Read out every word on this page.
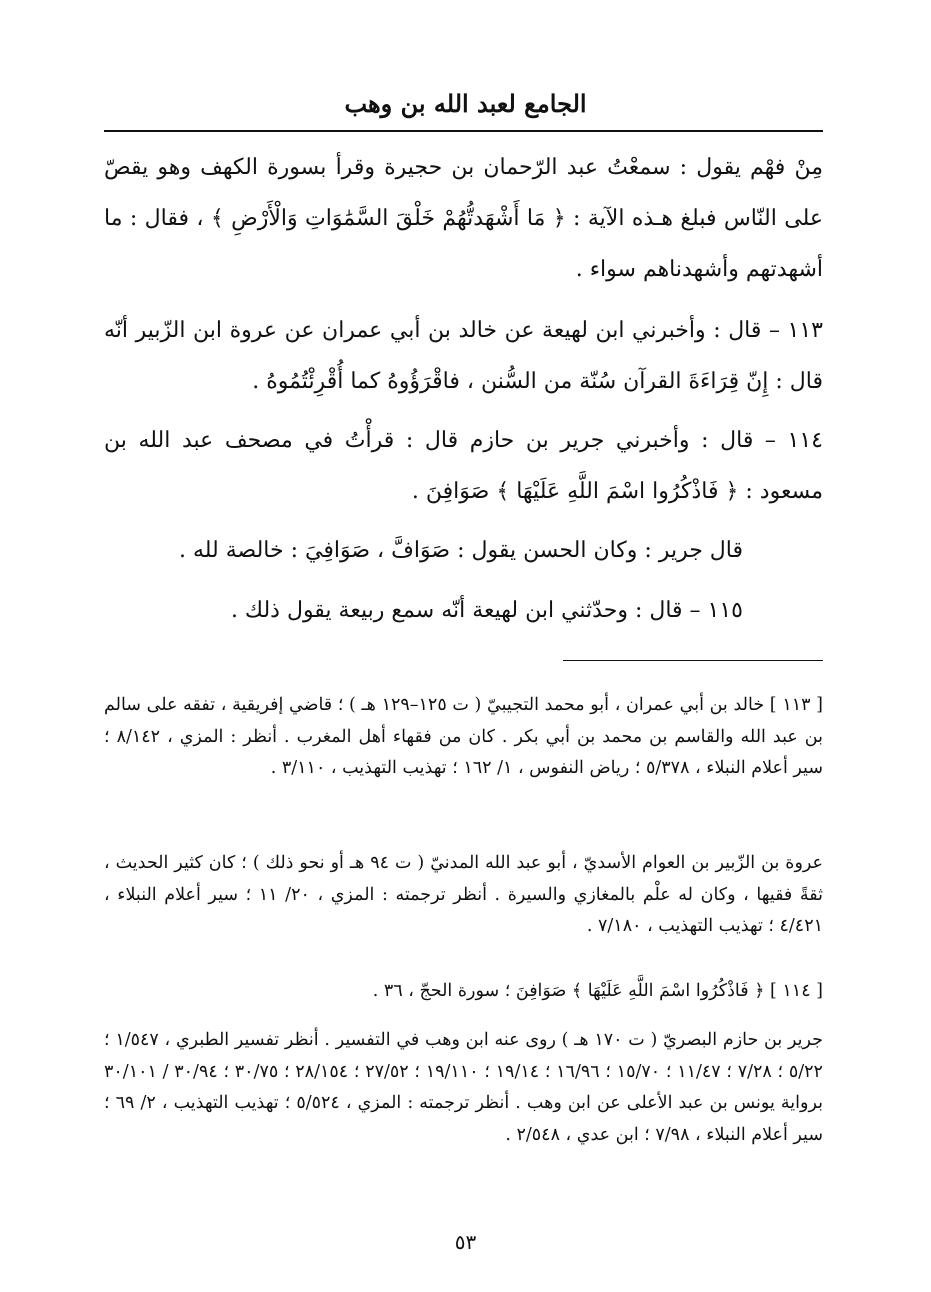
الجامع لعبد الله بن وهب

مِنْ فهْم يقول : سمعْتُ عبد الرّحمان بن حجيرة وقرأ بسورة الكهف وهو يقصّ على النّاس فبلغ هـذه الآية : ﴿ مَا أَشْهَدتُّهُمْ خَلْقَ السَّمَٰوَاتِ وَالْأَرْضِ ﴾ ، فقال : ما أشهدتهم وأشهدناهم سواء .

١١٣ – قال : وأخبرني ابن لهيعة عن خالد بن أبي عمران عن عروة ابن الزّبير أنّه قال : إِنّ قِرَاءَةَ القرآن سُنّة من السُّنن ، فاقْرَؤُوهُ كما أُقْرِئْتُمُوهُ .

١١٤ – قال : وأخبرني جرير بن حازم قال : قرأْتُ في مصحف عبد الله بن مسعود : ﴿ فَاذْكُرُوا اسْمَ اللَّهِ عَلَيْهَا ﴾ صَوَافِنَ .

قال جرير : وكان الحسن يقول : صَوَافَّ ، صَوَافِيَ : خالصة لله .

١١٥ – قال : وحدّثني ابن لهيعة أنّه سمع ربيعة يقول ذلك .

[ ١١٣ ] خالد بن أبي عمران ، أبو محمد التجيبيّ ( ت ١٢٥–١٢٩ هـ ) ؛ قاضي إفريقية ، تفقه على سالم بن عبد الله والقاسم بن محمد بن أبي بكر . كان من فقهاء أهل المغرب . أنظر : المزي ، ٨/١٤٢ ؛ سير أعلام النبلاء ، ٥/٣٧٨ ؛ رياض النفوس ، ١/ ١٦٢ ؛ تهذيب التهذيب ، ٣/١١٠ .

عروة بن الزّبير بن العوام الأسديّ ، أبو عبد الله المدنيّ ( ت ٩٤ هـ أو نحو ذلك ) ؛ كان كثير الحديث ، ثقةً فقيها ، وكان له علْم بالمغازي والسيرة . أنظر ترجمته : المزي ، ٢٠/ ١١ ؛ سير أعلام النبلاء ، ٤/٤٢١ ؛ تهذيب التهذيب ، ٧/١٨٠ .

[ ١١٤ ] ﴿ فَاذْكُرُوا اسْمَ اللَّهِ عَلَيْهَا ﴾ صَوَافِنَ ؛ سورة الحجّ ، ٣٦ .

جرير بن حازم البصريّ ( ت ١٧٠ هـ ) روى عنه ابن وهب في التفسير . أنظر تفسير الطبري ، ١/٥٤٧ ؛ ٥/٢٢ ؛ ٧/٢٨ ؛ ١١/٤٧ ؛ ١٥/٧٠ ؛ ١٦/٩٦ ؛ ١٩/١٤ ؛ ١٩/١١٠ ؛ ٢٧/٥٢ ؛ ٢٨/١٥٤ ؛ ٣٠/٧٥ ؛ ٣٠/٩٤ / ٣٠/١٠١ برواية يونس بن عبد الأعلى عن ابن وهب . أنظر ترجمته : المزي ، ٥/٥٢٤ ؛ تهذيب التهذيب ، ٢/ ٦٩ ؛ سير أعلام النبلاء ، ٧/٩٨ ؛ ابن عدي ، ٢/٥٤٨ .

٥٣
